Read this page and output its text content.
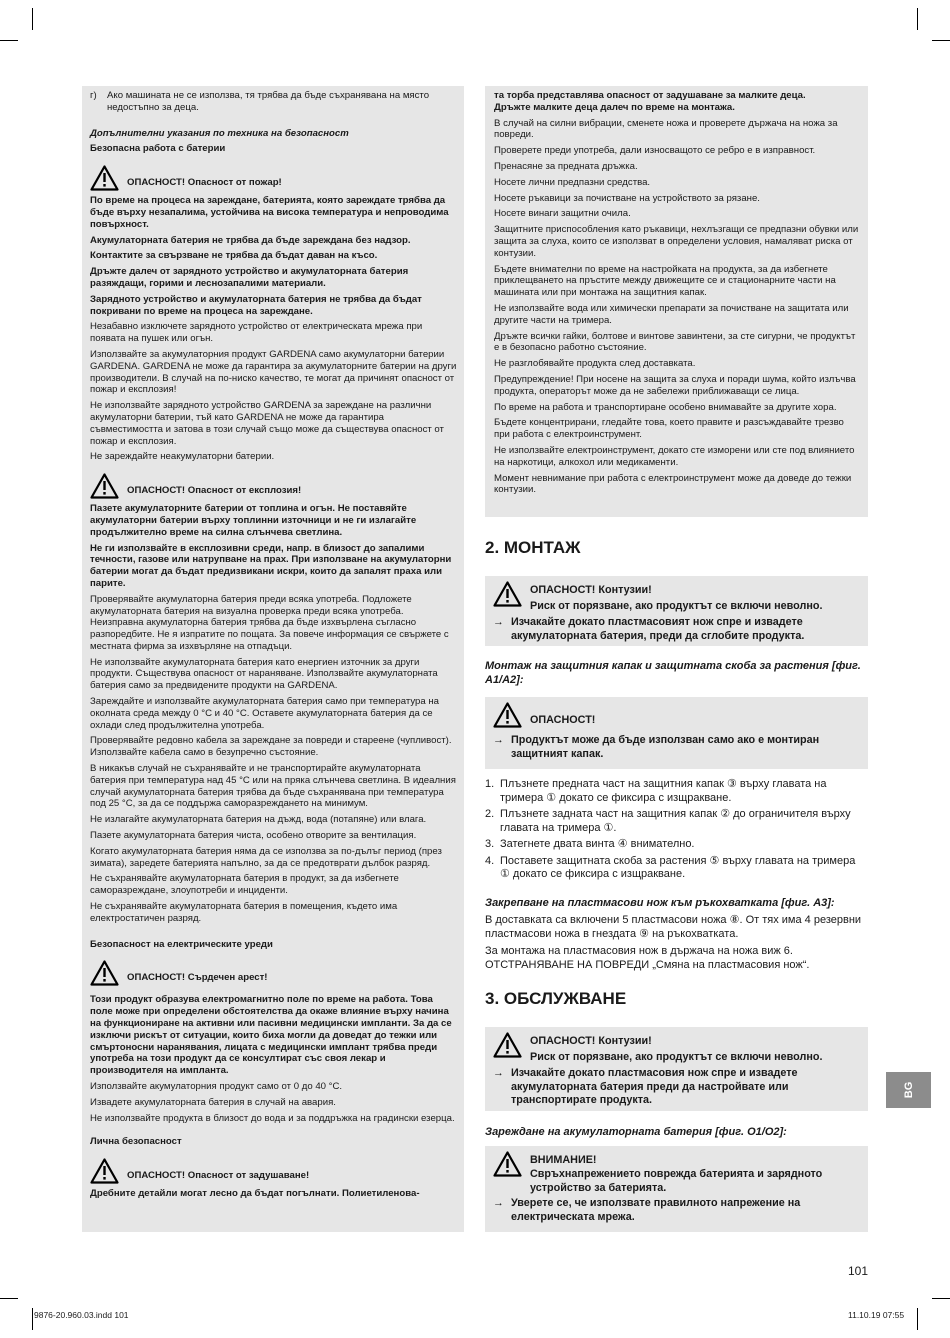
г)	Ако машината не се използва, тя трябва да бъде съхранявана на място недостъпно за деца.

Допълнителни указания по техника на безопасност

Безопасна работа с батерии

ОПАСНОСТ! Опасност от пожар!

По време на процеса на зареждане, батерията, която зареждате трябва да бъде върху незапалима, устойчива на висока температура и непроводима повърхност.

Акумулаторната батерия не трябва да бъде зареждана без надзор.

Контактите за свързване не трябва да бъдат даван на късо.

Дръжте далеч от зарядното устройство и акумулаторната батерия разяждащи, горими и леснозапалими материали.

Зарядното устройство и акумулаторната батерия не трябва да бъдат покривани по време на процеса на зареждане.

Незабавно изключете зарядното устройство от електрическата мрежа при появата на пушек или огън.

Използвайте за акумулаторния продукт GARDENA само акумулаторни батерии GARDENA. GARDENA не може да гарантира за акумулаторните батерии на други производители. В случай на по-ниско качество, те могат да причинят опасност от пожар и експлозия!

Не използвайте зарядното устройство GARDENA за зареждане на различни акумулаторни батерии, тъй като GARDENA не може да гарантира съвместимостта и затова в този случай също може да съществува опасност от пожар и експлозия.

Не зареждайте неакумулаторни батерии.

ОПАСНОСТ! Опасност от експлозия!

Пазете акумулаторните батерии от топлина и огън. Не поставяйте акумулаторни батерии върху топлинни източници и не ги излагайте продължително време на силна слънчева светлина.

Не ги използвайте в експлозивни среди, напр. в близост до запалими течности, газове или натрупване на прах. При използване на акумулаторни батерии могат да бъдат предизвикани искри, които да запалят праха или парите.

Проверявайте акумулаторна батерия преди всяка употреба. Подложете акумулаторната батерия на визуална проверка преди всяка употреба. Неизправна акумулаторна батерия трябва да бъде изхвърлена съгласно разпоредбите. Не я изпратите по пощата. За повече информация се свържете с местната фирма за изхвърляне на отпадъци.

Не използвайте акумулаторната батерия като енергиен източник за други продукти. Съществува опасност от нараняване. Използвайте акумулаторната батерия само за предвидените продукти на GARDENA.

Зареждайте и използвайте акумулаторната батерия само при температура на околната среда между 0 °C и 40 °C. Оставете акумулаторната батерия да се охлади след продължителна употреба.

Проверявайте редовно кабела за зареждане за повреди и стареене (чупливост). Използвайте кабела само в безупречно състояние.

В никакъв случай не съхранявайте и не транспортирайте акумулаторната батерия при температура над 45 °C или на пряка слънчева светлина. В идеалния случай акумулаторната батерия трябва да бъде съхранявана при температура под 25 °C, за да се поддържа саморазреждането на минимум.

Не излагайте акумулаторната батерия на дъжд, вода (потапяне) или влага.

Пазете акумулаторната батерия чиста, особено отворите за вентилация.

Когато акумулаторната батерия няма да се използва за по-дълъг период (през зимата), заредете батерията напълно, за да се предотврати дълбок разряд.

Не съхранявайте акумулаторната батерия в продукт, за да избегнете саморазреждане, злоупотреби и инциденти.

Не съхранявайте акумулаторната батерия в помещения, където има електростатичен разряд.

Безопасност на електрическите уреди

ОПАСНОСТ! Сърдечен арест!

Този продукт образува електромагнитно поле по време на работа. Това поле може при определени обстоятелства да окаже влияние върху начина на функциониране на активни или пасивни медицински импланти. За да се изключи рискът от ситуации, които биха могли да доведат до тежки или смъртоносни наранявания, лицата с медицински имплант трябва преди употреба на този продукт да се консултират със своя лекар и производителя на импланта.

Използвайте акумулаторния продукт само от 0 до 40 °C.

Извадете акумулаторната батерия в случай на авария.

Не използвайте продукта в близост до вода и за поддръжка на градински езерца.

Лична безопасност

ОПАСНОСТ! Опасност от задушаване!

Дребните детайли могат лесно да бъдат погълнати. Полиетиленова-

та торба представлява опасност от задушаване за малките деца.

Дръжте малките деца далеч по време на монтажа.

В случай на силни вибрации, сменете ножа и проверете държача на ножа за повреди.

Проверете преди употреба, дали износващото се ребро е в изправност.

Пренасяне за предната дръжка.

Носете лични предпазни средства.

Носете ръкавици за почистване на устройството за рязане.

Носете винаги защитни очила.

Защитните приспособления като ръкавици, нехлъзгащи се предпазни обувки или защита за слуха, които се използват в определени условия, намаляват риска от контузии.

Бъдете внимателни по време на настройката на продукта, за да избегнете приклещването на пръстите между движещите се и стационарните части на машината или при монтажа на защитния капак.

Не използвайте вода или химически препарати за почистване на защитата или другите части на тримера.

Дръжте всички гайки, болтове и винтове завинтени, за сте сигурни, че продуктът е в безопасно работно състояние.

Не разглобявайте продукта след доставката.

Предупреждение! При носене на защита за слуха и поради шума, който излъчва продукта, операторът може да не забележи приближаващи се лица.

По време на работа и транспортиране особено внимавайте за другите хора.

Бъдете концентрирани, гледайте това, което правите и разсъждавайте трезво при работа с електроинструмент.

Не използвайте електроинструмент, докато сте изморени или сте под влиянието на наркотици, алкохол или медикаменти.

Момент невнимание при работа с електроинструмент може да доведе до тежки контузии.

2. МОНТАЖ
ОПАСНОСТ! Контузии!
Риск от порязване, ако продуктът се включи неволно.
→ Изчакайте докато пластмасовият нож спре и извадете акумулаторната батерия, преди да сглобите продукта.
Монтаж на защитния капак и защитната скоба за растения [фиг. A1/A2]:
ОПАСНОСТ!
→ Продуктът може да бъде използван само ако е монтиран защитният капак.
1. Плъзнете предната част на защитния капак ③ върху главата на тримера ① докато се фиксира с изщракване.
2. Плъзнете задната част на защитния капак ② до ограничителя върху главата на тримера ①.
3. Затегнете двата винта ④ внимателно.
4. Поставете защитната скоба за растения ⑤ върху главата на тримера ① докато се фиксира с изщракване.
Закрепване на пластмасови нож към ръкохватката [фиг. A3]:
В доставката са включени 5 пластмасови ножа ⑧. От тях има 4 резервни пластмасови ножа в гнездата ⑨ на ръкохватката.
За монтажа на пластмасовия нож в държача на ножа виж 6. ОТСТРАНЯВАНЕ НА ПОВРЕДИ „Смяна на пластмасовия нож“.
3. ОБСЛУЖВАНЕ
ОПАСНОСТ! Контузии!
Риск от порязване, ако продуктът се включи неволно.
→ Изчакайте докато пластмасовия нож спре и извадете акумулаторната батерия преди да настройвате или транспортирате продукта.
Зареждане на акумулаторната батерия [фиг. O1/O2]:
ВНИМАНИЕ!
Свръхнапрежението поврежда батерията и зарядното устройство за батерията.
→ Уверете се, че използвате правилното напрежение на електрическата мрежа.
BG
101
9876-20.960.03.indd 101	11.10.19 07:55
